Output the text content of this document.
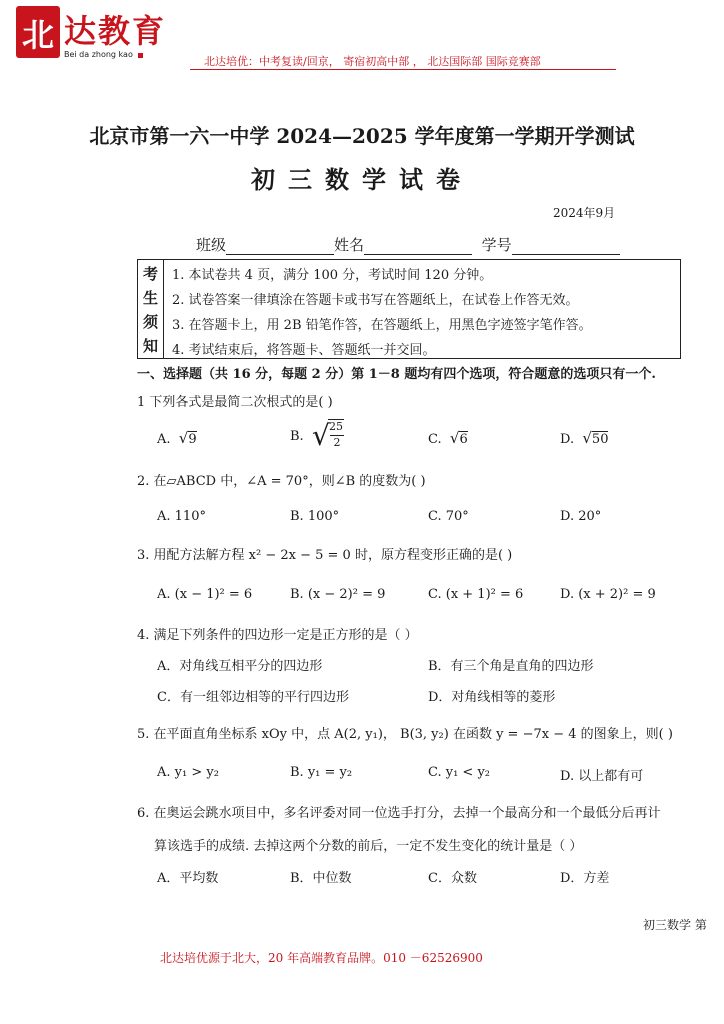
北 达教育
Bei da zhong kao
北达培优：中考复读/回京， 寄宿初高中部 ， 北达国际部 国际竞赛部
北京市第一六一中学 2024—2025 学年度第一学期开学测试
初三数学试卷
2024年9月
班级	姓名	学号
考
生
须
知
1. 本试卷共 4 页，满分 100 分，考试时间 120 分钟。
2. 试卷答案一律填涂在答题卡或书写在答题纸上，在试卷上作答无效。
3. 在答题卡上，用 2B 铅笔作答，在答题纸上，用黑色字迹签字笔作答。
4. 考试结束后，将答题卡、答题纸一并交回。
一、选择题（共 16 分，每题 2 分）第 1－8 题均有四个选项，符合题意的选项只有一个.
1 下列各式是最简二次根式的是( )
A. √9	B. √ 25
2	C. √6	D. √50
2. 在▱ABCD 中，∠A = 70°，则∠B 的度数为( )
A. 110°	B. 100°	C. 70°	D. 20°
3. 用配方法解方程 x² − 2x − 5 = 0 时，原方程变形正确的是( )
A. (x − 1)² = 6	B. (x − 2)² = 9	C. (x + 1)² = 6	D. (x + 2)² = 9
4. 满足下列条件的四边形一定是正方形的是（ ）
A．对角线互相平分的四边形	B．有三个角是直角的四边形
C．有一组邻边相等的平行四边形	D．对角线相等的菱形
5. 在平面直角坐标系 xOy 中，点 A(2, y₁)， B(3, y₂) 在函数 y = −7x − 4 的图象上，则( )
A. y₁ > y₂	B. y₁ = y₂	C. y₁ < y₂	D. 以上都有可
6. 在奥运会跳水项目中，多名评委对同一位选手打分，去掉一个最高分和一个最低分后再计
算该选手的成绩. 去掉这两个分数的前后，一定不发生变化的统计量是（ ）
A．平均数	B．中位数	C．众数	D．方差
初三数学 第
北达培优源于北大，20 年高端教育品牌。010 －62526900
